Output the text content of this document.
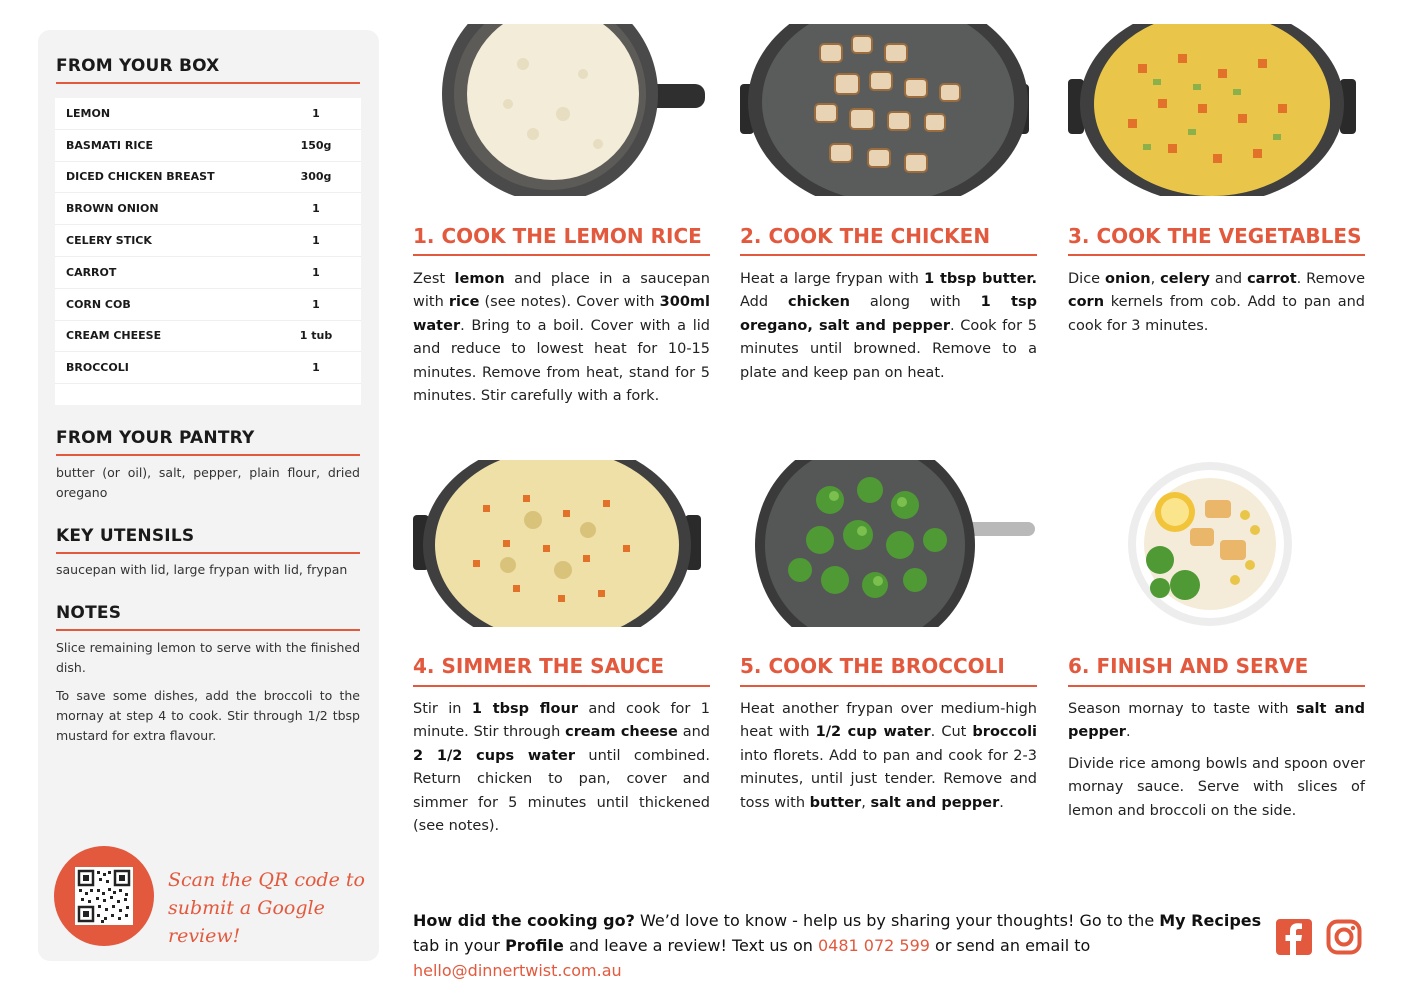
FROM YOUR BOX
LEMON	1
BASMATI RICE	150g
DICED CHICKEN BREAST	300g
BROWN ONION	1
CELERY STICK	1
CARROT	1
CORN COB	1
CREAM CHEESE	1 tub
BROCCOLI	1
FROM YOUR PANTRY
butter (or oil), salt, pepper, plain flour, dried oregano
KEY UTENSILS
saucepan with lid, large frypan with lid, frypan
NOTES
Slice remaining lemon to serve with the finished dish.
To save some dishes, add the broccoli to the mornay at step 4 to cook. Stir through 1/2 tbsp mustard for extra flavour.
Scan the QR code to
submit a Google review!
1. COOK THE LEMON RICE

Zest lemon and place in a saucepan with rice (see notes). Cover with 300ml water. Bring to a boil. Cover with a lid and reduce to lowest heat for 10-15 minutes. Remove from heat, stand for 5 minutes. Stir carefully with a fork.

2. COOK THE CHICKEN

Heat a large frypan with 1 tbsp butter. Add chicken along with 1 tsp oregano, salt and pepper. Cook for 5 minutes until browned. Remove to a plate and keep pan on heat.

3. COOK THE VEGETABLES

Dice onion, celery and carrot. Remove corn kernels from cob. Add to pan and cook for 3 minutes.

4. SIMMER THE SAUCE

Stir in 1 tbsp flour and cook for 1 minute. Stir through cream cheese and 2 1/2 cups water until combined. Return chicken to pan, cover and simmer for 5 minutes until thickened (see notes).

5. COOK THE BROCCOLI

Heat another frypan over medium-high heat with 1/2 cup water. Cut broccoli into florets. Add to pan and cook for 2-3 minutes, until just tender. Remove and toss with butter, salt and pepper.

6. FINISH AND SERVE

Season mornay to taste with salt and pepper.

Divide rice among bowls and spoon over mornay sauce. Serve with slices of lemon and broccoli on the side.

How did the cooking go? We’d love to know - help us by sharing your thoughts! Go to the My Recipes tab in your Profile and leave a review! Text us on 0481 072 599 or send an email to hello@dinnertwist.com.au
